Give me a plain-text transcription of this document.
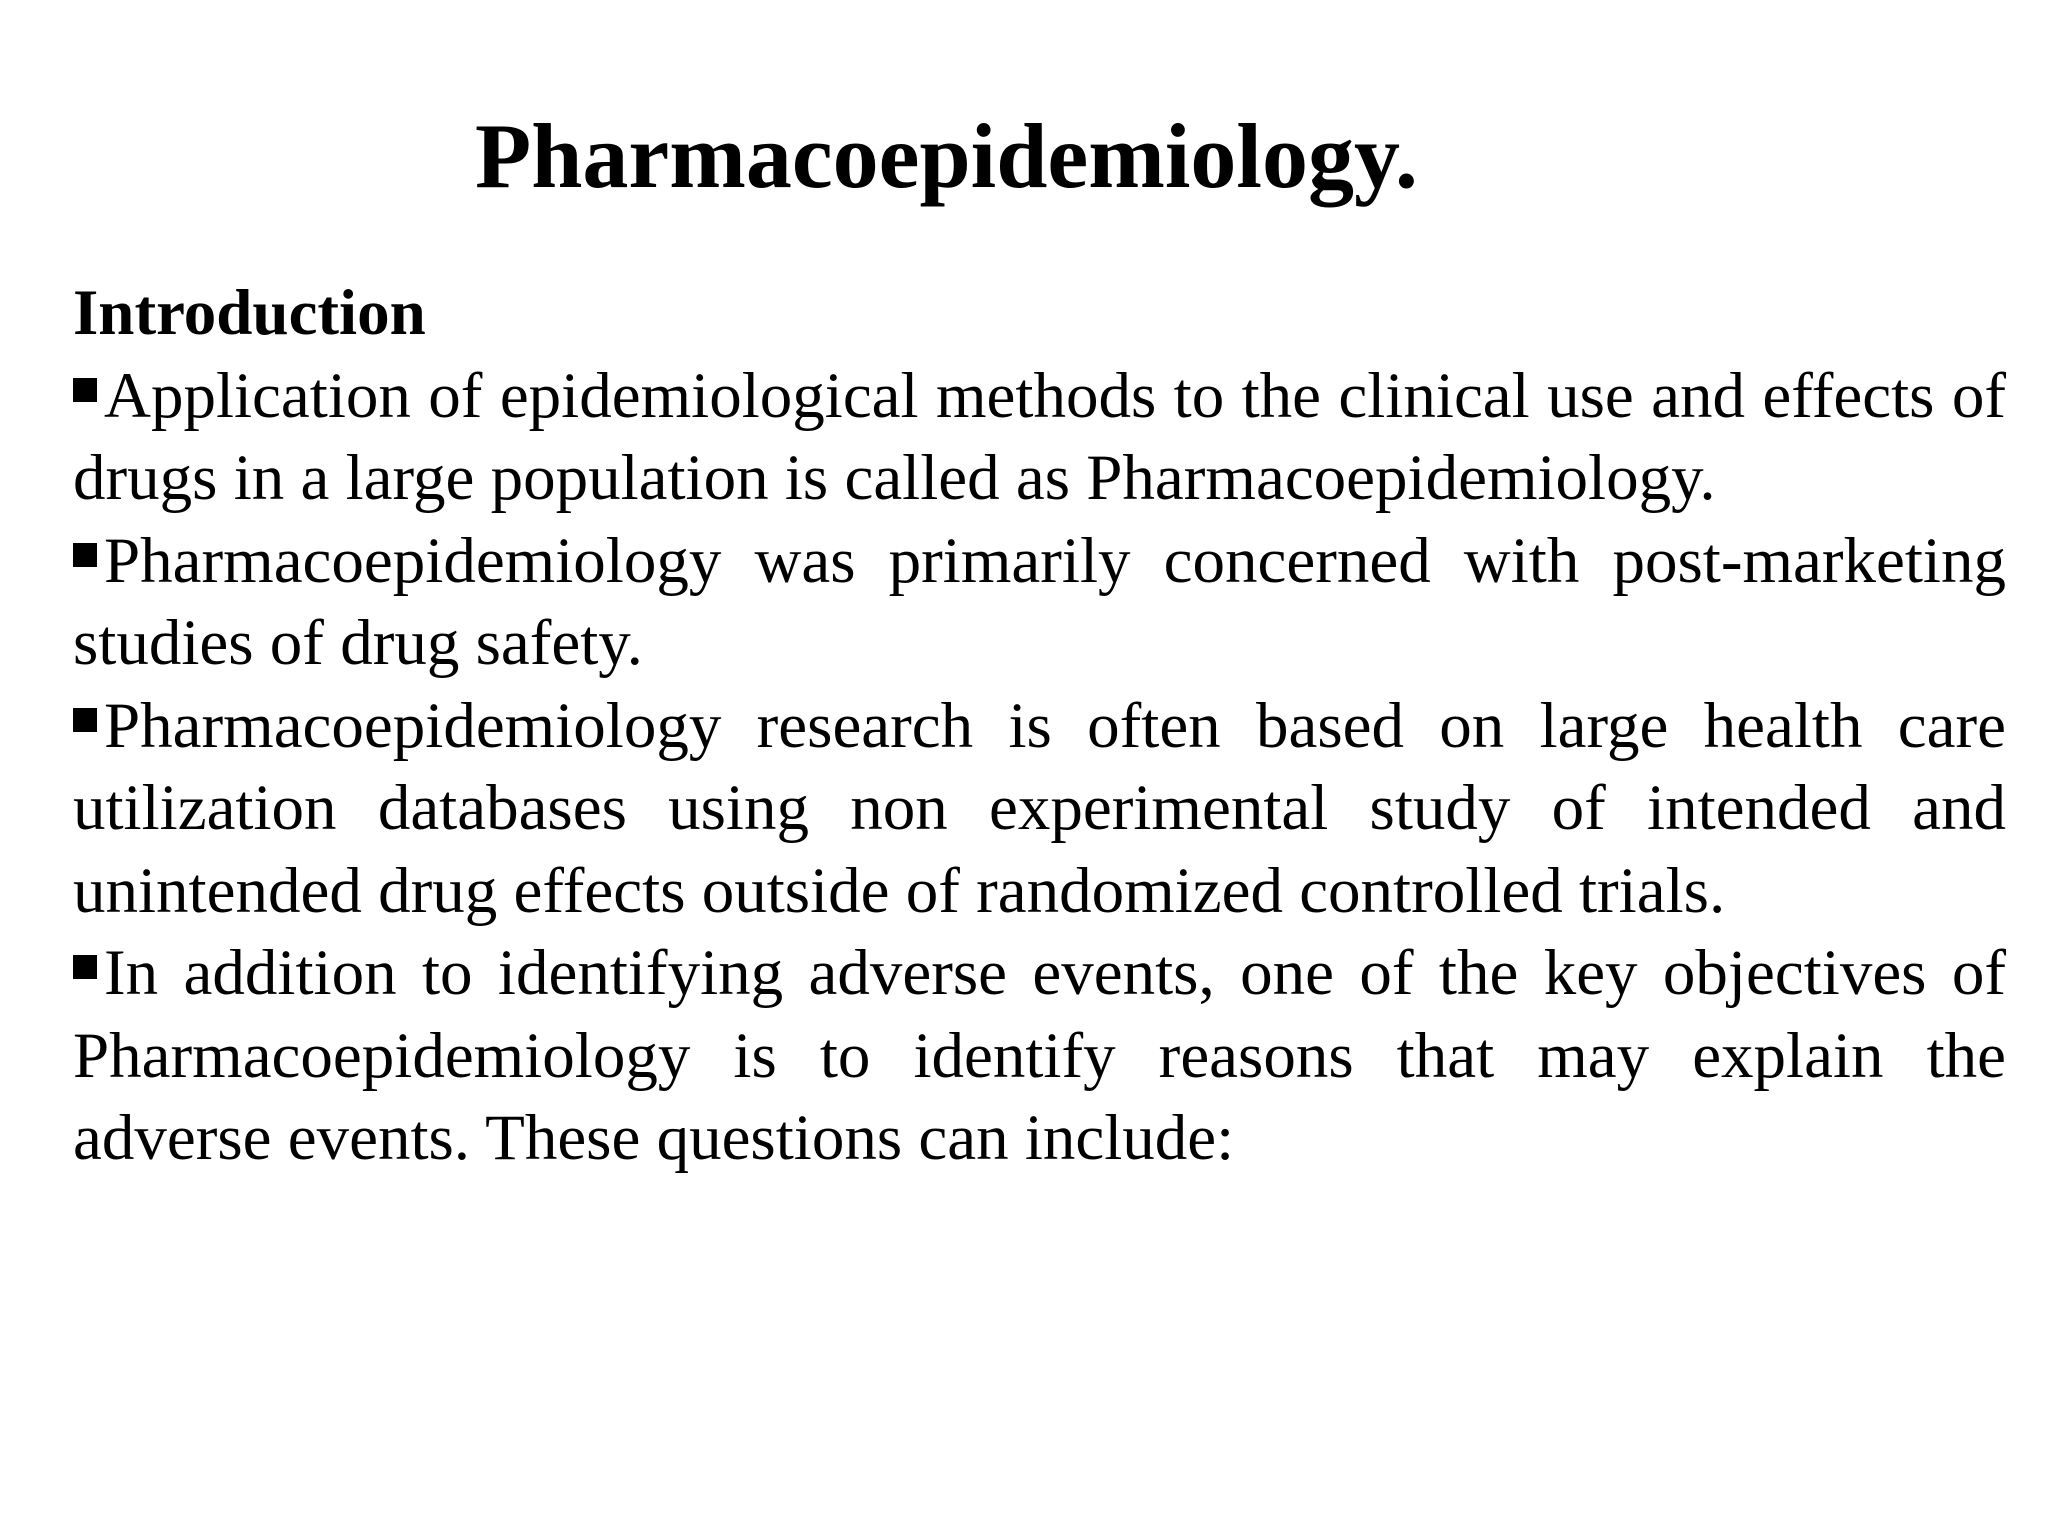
Pharmacoepidemiology.
Introduction
Application of epidemiological methods to the clinical use and effects of drugs in a large population is called as Pharmacoepidemiology.
Pharmacoepidemiology was primarily concerned with post-marketing studies of drug safety.
Pharmacoepidemiology research is often based on large health care utilization databases using non experimental study of intended and unintended drug effects outside of randomized controlled trials.
In addition to identifying adverse events, one of the key objectives of Pharmacoepidemiology is to identify reasons that may explain the adverse events. These questions can include:
